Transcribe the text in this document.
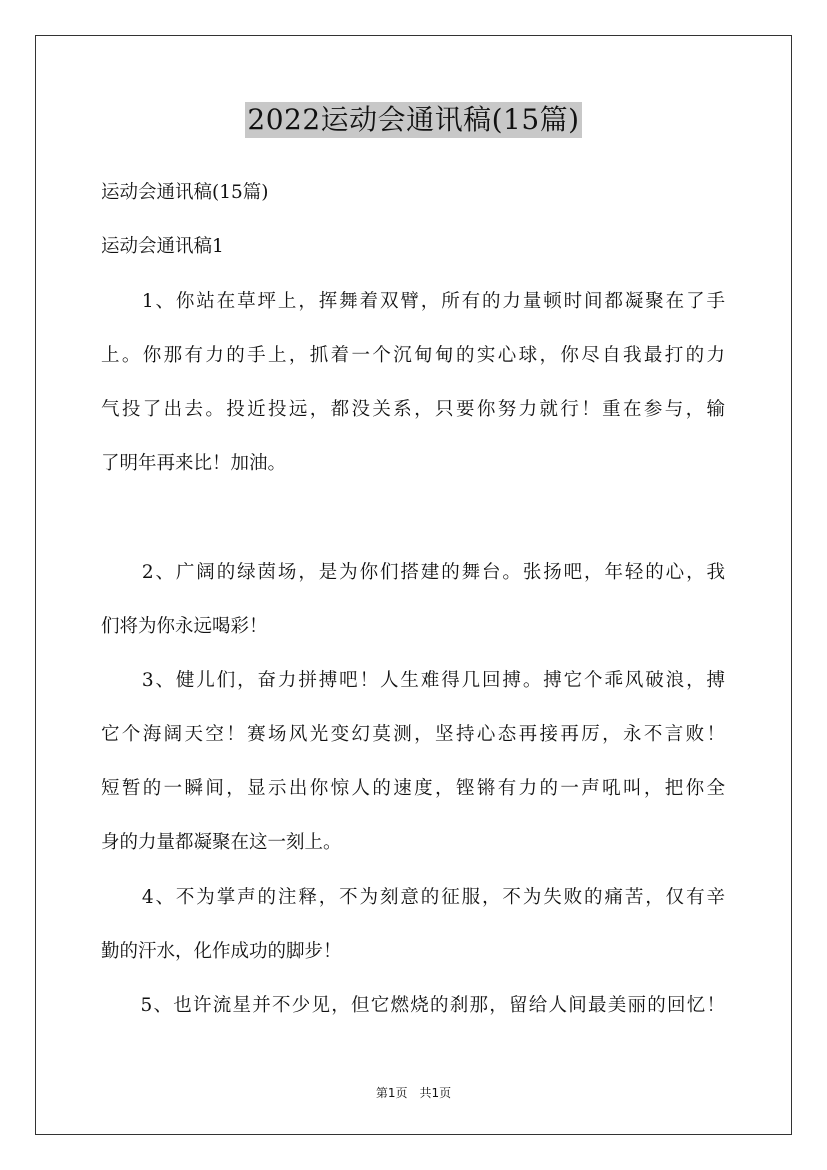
2022运动会通讯稿(15篇)
运动会通讯稿(15篇)
运动会通讯稿1
　　1、你站在草坪上，挥舞着双臂，所有的力量顿时间都凝聚在了手
上。你那有力的手上，抓着一个沉甸甸的实心球，你尽自我最打的力
气投了出去。投近投远，都没关系，只要你努力就行！重在参与，输
了明年再来比！加油。
　　2、广阔的绿茵场，是为你们搭建的舞台。张扬吧，年轻的心，我
们将为你永远喝彩！
　　3、健儿们，奋力拼搏吧！人生难得几回搏。搏它个乖风破浪，搏
它个海阔天空！赛场风光变幻莫测，坚持心态再接再厉，永不言败！
短暂的一瞬间，显示出你惊人的速度，铿锵有力的一声吼叫，把你全
身的力量都凝聚在这一刻上。
　　4、不为掌声的注释，不为刻意的征服，不为失败的痛苦，仅有辛
勤的汗水，化作成功的脚步！
　　5、也许流星并不少见，但它燃烧的刹那，留给人间最美丽的回忆！
第1页　共1页
